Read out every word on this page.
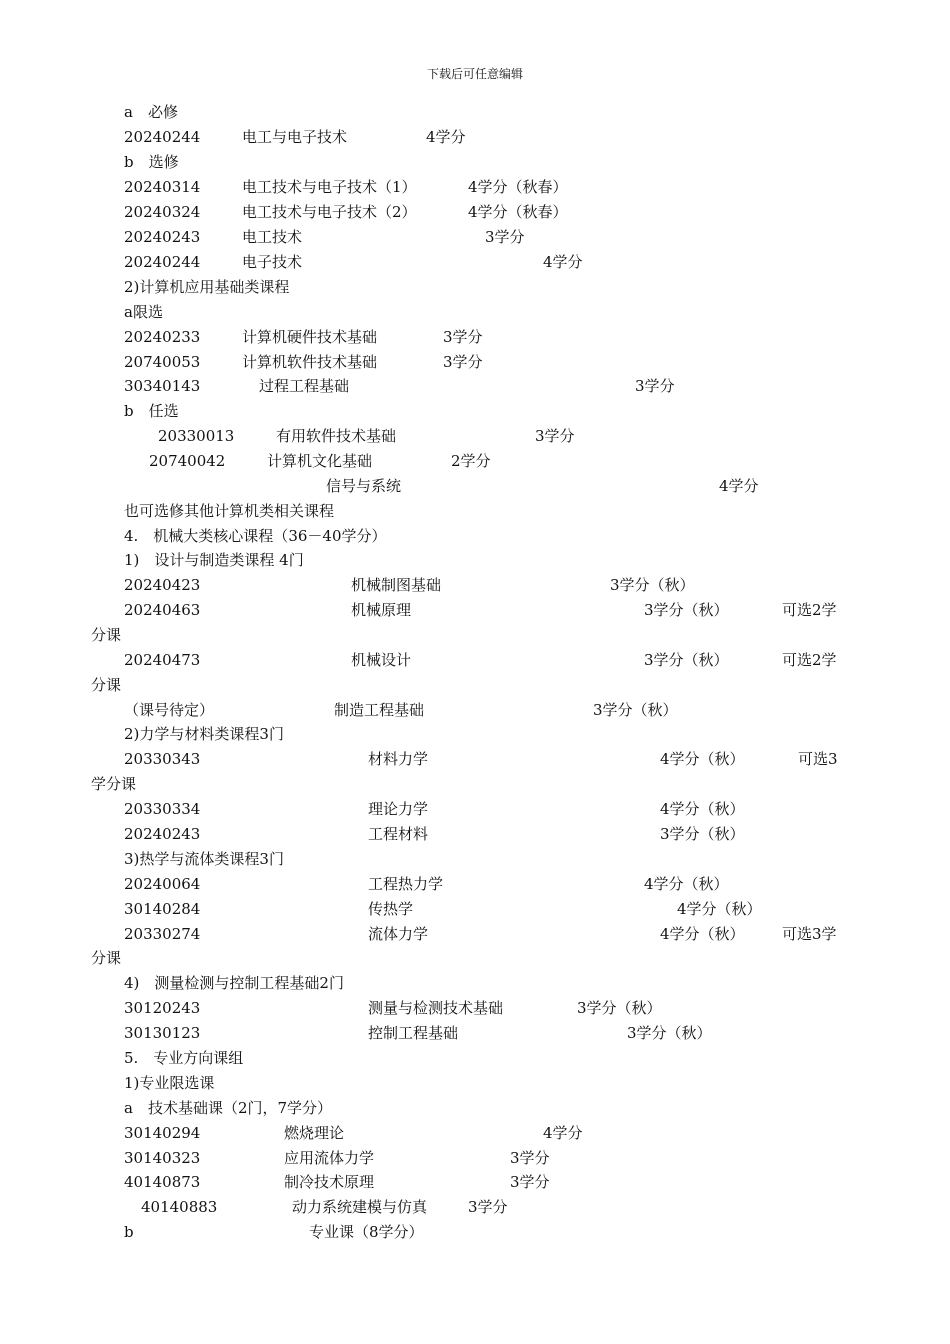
下载后可任意编辑
a　必修
20240244	电工与电子技术	4学分
b　选修
20240314	电工技术与电子技术（1）	4学分（秋春）
20240324	电工技术与电子技术（2）	4学分（秋春）
20240243	电工技术	3学分
20240244	电子技术	4学分
2)计算机应用基础类课程
a限选
20240233	计算机硬件技术基础	3学分
20740053	计算机软件技术基础	3学分
30340143	过程工程基础	3学分
b　任选
20330013	有用软件技术基础	3学分
20740042	计算机文化基础	2学分
信号与系统	4学分
也可选修其他计算机类相关课程
4.　机械大类核心课程（36－40学分）
1)　设计与制造类课程 4门
20240423	机械制图基础	3学分（秋）
20240463	机械原理	3学分（秋）	可选2学
分课
20240473	机械设计	3学分（秋）	可选2学
分课
（课号待定）	制造工程基础	3学分（秋）
2)力学与材料类课程3门
20330343	材料力学	4学分（秋）	可选3
学分课
20330334	理论力学	4学分（秋）
20240243	工程材料	3学分（秋）
3)热学与流体类课程3门
20240064	工程热力学	4学分（秋）
30140284	传热学	4学分（秋）
20330274	流体力学	4学分（秋） 可选3学
分课
4)　测量检测与控制工程基础2门
30120243	测量与检测技术基础	3学分（秋）
30130123	控制工程基础	3学分（秋）
5.　专业方向课组
1)专业限选课
a　技术基础课（2门，7学分）
30140294	燃烧理论	4学分
30140323	应用流体力学	3学分
40140873	制冷技术原理	3学分
40140883	动力系统建模与仿真	3学分
b	专业课（8学分）
